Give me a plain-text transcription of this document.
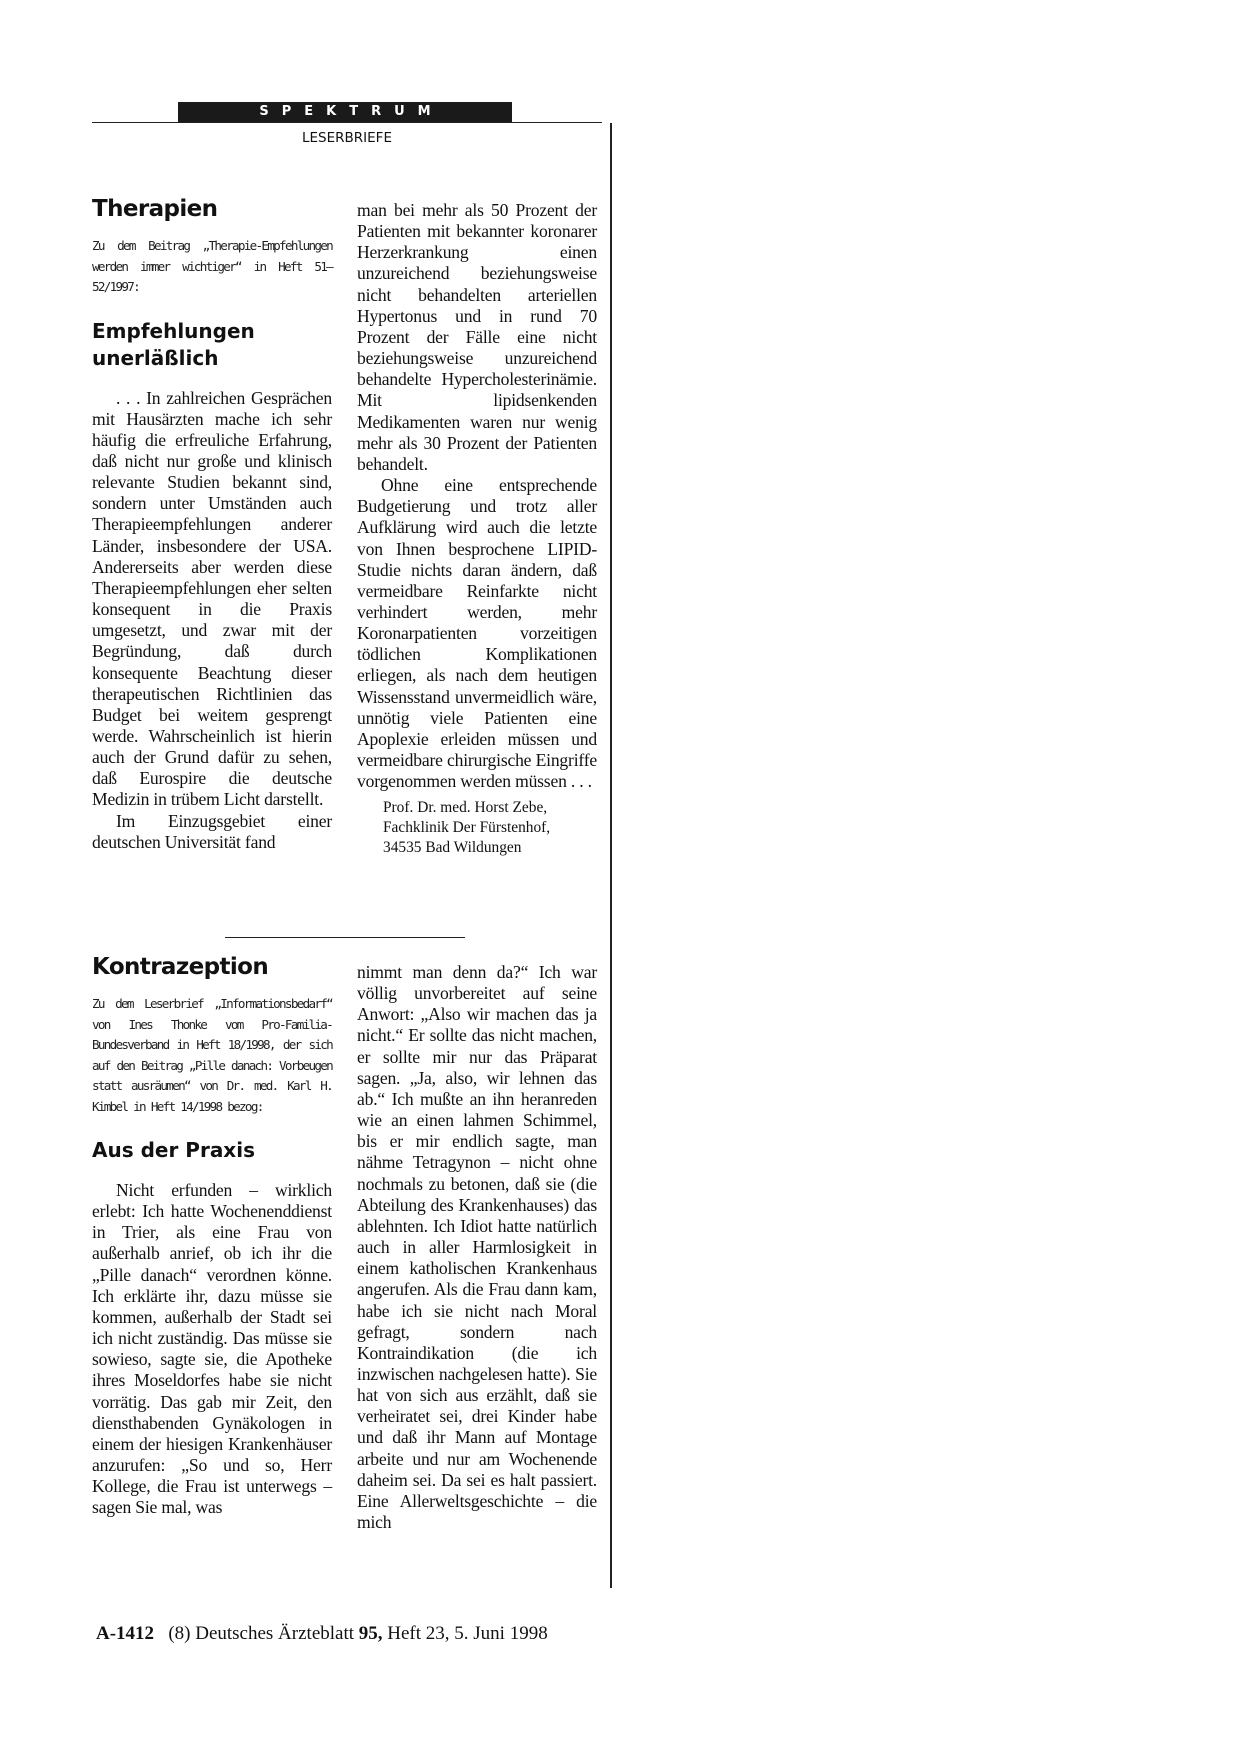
SPEKTRUM
LESERBRIEFE
Therapien
Zu dem Beitrag „Therapie-Empfehlungen werden immer wichtiger“ in Heft 51–52/1997:
Empfehlungen unerläßlich

. . . In zahlreichen Gesprächen mit Hausärzten mache ich sehr häufig die erfreuliche Erfahrung, daß nicht nur große und klinisch relevante Studien bekannt sind, sondern unter Umständen auch Therapieempfehlungen anderer Länder, insbesondere der USA. Andererseits aber werden diese Therapieempfehlungen eher selten konsequent in die Praxis umgesetzt, und zwar mit der Begründung, daß durch konsequente Beachtung dieser therapeutischen Richtlinien das Budget bei weitem gesprengt werde. Wahrscheinlich ist hierin auch der Grund dafür zu sehen, daß Eurospire die deutsche Medizin in trübem Licht darstellt.

Im Einzugsgebiet einer deutschen Universität fand

man bei mehr als 50 Prozent der Patienten mit bekannter koronarer Herzerkrankung einen unzureichend beziehungsweise nicht behandelten arteriellen Hypertonus und in rund 70 Prozent der Fälle eine nicht beziehungsweise unzureichend behandelte Hypercholesterinämie. Mit lipidsenkenden Medikamenten waren nur wenig mehr als 30 Prozent der Patienten behandelt.

Ohne eine entsprechende Budgetierung und trotz aller Aufklärung wird auch die letzte von Ihnen besprochene LIPID-Studie nichts daran ändern, daß vermeidbare Reinfarkte nicht verhindert werden, mehr Koronarpatienten vorzeitigen tödlichen Komplikationen erliegen, als nach dem heutigen Wissensstand unvermeidlich wäre, unnötig viele Patienten eine Apoplexie erleiden müssen und vermeidbare chirurgische Eingriffe vorgenommen werden müssen . . .

Prof. Dr. med. Horst Zebe,
Fachklinik Der Fürstenhof,
34535 Bad Wildungen
Kontrazeption
Zu dem Leserbrief „Informationsbedarf“ von Ines Thonke vom Pro-Familia-Bundesverband in Heft 18/1998, der sich auf den Beitrag „Pille danach: Vorbeugen statt ausräumen“ von Dr. med. Karl H. Kimbel in Heft 14/1998 bezog:
Aus der Praxis

Nicht erfunden – wirklich erlebt: Ich hatte Wochenenddienst in Trier, als eine Frau von außerhalb anrief, ob ich ihr die „Pille danach“ verordnen könne. Ich erklärte ihr, dazu müsse sie kommen, außerhalb der Stadt sei ich nicht zuständig. Das müsse sie sowieso, sagte sie, die Apotheke ihres Moseldorfes habe sie nicht vorrätig. Das gab mir Zeit, den diensthabenden Gynäkologen in einem der hiesigen Krankenhäuser anzurufen: „So und so, Herr Kollege, die Frau ist unterwegs – sagen Sie mal, was

nimmt man denn da?“ Ich war völlig unvorbereitet auf seine Anwort: „Also wir machen das ja nicht.“ Er sollte das nicht machen, er sollte mir nur das Präparat sagen. „Ja, also, wir lehnen das ab.“ Ich mußte an ihn heranreden wie an einen lahmen Schimmel, bis er mir endlich sagte, man nähme Tetragynon – nicht ohne nochmals zu betonen, daß sie (die Abteilung des Krankenhauses) das ablehnten. Ich Idiot hatte natürlich auch in aller Harmlosigkeit in einem katholischen Krankenhaus angerufen. Als die Frau dann kam, habe ich sie nicht nach Moral gefragt, sondern nach Kontraindikation (die ich inzwischen nachgelesen hatte). Sie hat von sich aus erzählt, daß sie verheiratet sei, drei Kinder habe und daß ihr Mann auf Montage arbeite und nur am Wochenende daheim sei. Da sei es halt passiert. Eine Allerweltsgeschichte – die mich

A-1412 (8) Deutsches Ärzteblatt 95, Heft 23, 5. Juni 1998
